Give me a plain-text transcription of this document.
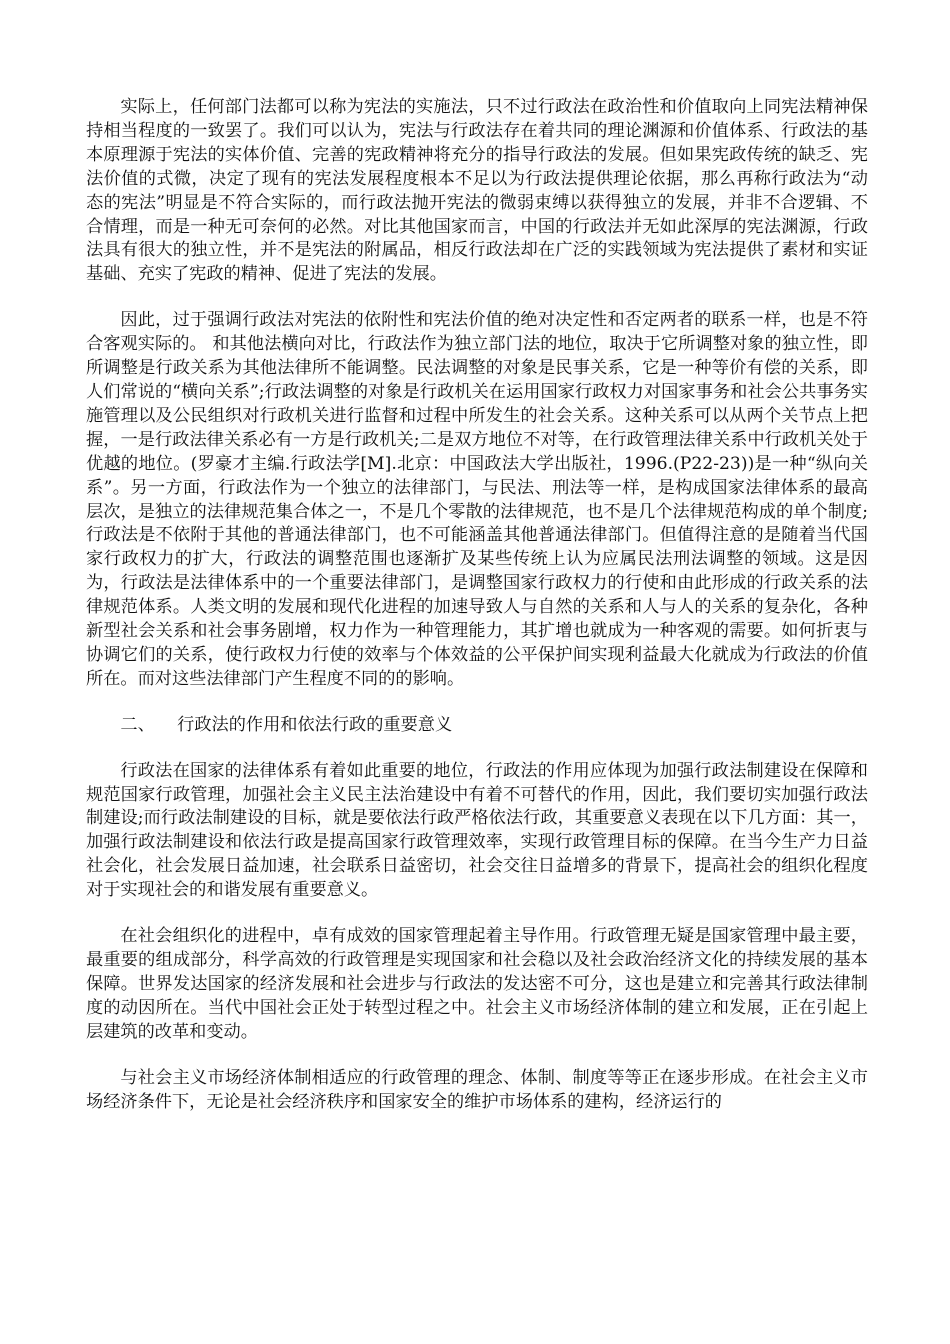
实际上，任何部门法都可以称为宪法的实施法，只不过行政法在政治性和价值取向上同宪法精神保持相当程度的一致罢了。我们可以认为，宪法与行政法存在着共同的理论渊源和价值体系、行政法的基本原理源于宪法的实体价值、完善的宪政精神将充分的指导行政法的发展。但如果宪政传统的缺乏、宪法价值的式微，决定了现有的宪法发展程度根本不足以为行政法提供理论依据，那么再称行政法为“动态的宪法”明显是不符合实际的，而行政法抛开宪法的微弱束缚以获得独立的发展，并非不合逻辑、不合情理，而是一种无可奈何的必然。对比其他国家而言，中国的行政法并无如此深厚的宪法渊源，行政法具有很大的独立性，并不是宪法的附属品，相反行政法却在广泛的实践领域为宪法提供了素材和实证基础、充实了宪政的精神、促进了宪法的发展。

因此，过于强调行政法对宪法的依附性和宪法价值的绝对决定性和否定两者的联系一样，也是不符合客观实际的。 和其他法横向对比，行政法作为独立部门法的地位，取决于它所调整对象的独立性，即所调整是行政关系为其他法律所不能调整。民法调整的对象是民事关系，它是一种等价有偿的关系，即人们常说的“横向关系”;行政法调整的对象是行政机关在运用国家行政权力对国家事务和社会公共事务实施管理以及公民组织对行政机关进行监督和过程中所发生的社会关系。这种关系可以从两个关节点上把握，一是行政法律关系必有一方是行政机关;二是双方地位不对等，在行政管理法律关系中行政机关处于优越的地位。(罗豪才主编.行政法学[M].北京：中国政法大学出版社，1996.(P22-23))是一种“纵向关系”。另一方面，行政法作为一个独立的法律部门，与民法、刑法等一样，是构成国家法律体系的最高层次，是独立的法律规范集合体之一，不是几个零散的法律规范，也不是几个法律规范构成的单个制度;行政法是不依附于其他的普通法律部门，也不可能涵盖其他普通法律部门。但值得注意的是随着当代国家行政权力的扩大，行政法的调整范围也逐渐扩及某些传统上认为应属民法刑法调整的领域。这是因为，行政法是法律体系中的一个重要法律部门，是调整国家行政权力的行使和由此形成的行政关系的法律规范体系。人类文明的发展和现代化进程的加速导致人与自然的关系和人与人的关系的复杂化，各种新型社会关系和社会事务剧增，权力作为一种管理能力，其扩增也就成为一种客观的需要。如何折衷与协调它们的关系，使行政权力行使的效率与个体效益的公平保护间实现利益最大化就成为行政法的价值所在。而对这些法律部门产生程度不同的的影响。

二、 行政法的作用和依法行政的重要意义

行政法在国家的法律体系有着如此重要的地位，行政法的作用应体现为加强行政法制建设在保障和规范国家行政管理，加强社会主义民主法治建设中有着不可替代的作用，因此，我们要切实加强行政法制建设;而行政法制建设的目标，就是要依法行政严格依法行政，其重要意义表现在以下几方面：其一，加强行政法制建设和依法行政是提高国家行政管理效率，实现行政管理目标的保障。在当今生产力日益社会化，社会发展日益加速，社会联系日益密切，社会交往日益增多的背景下，提高社会的组织化程度对于实现社会的和谐发展有重要意义。

在社会组织化的进程中，卓有成效的国家管理起着主导作用。行政管理无疑是国家管理中最主要，最重要的组成部分，科学高效的行政管理是实现国家和社会稳以及社会政治经济文化的持续发展的基本保障。世界发达国家的经济发展和社会进步与行政法的发达密不可分，这也是建立和完善其行政法律制度的动因所在。当代中国社会正处于转型过程之中。社会主义市场经济体制的建立和发展，正在引起上层建筑的改革和变动。

与社会主义市场经济体制相适应的行政管理的理念、体制、制度等等正在逐步形成。在社会主义市场经济条件下，无论是社会经济秩序和国家安全的维护市场体系的建构，经济运行的
